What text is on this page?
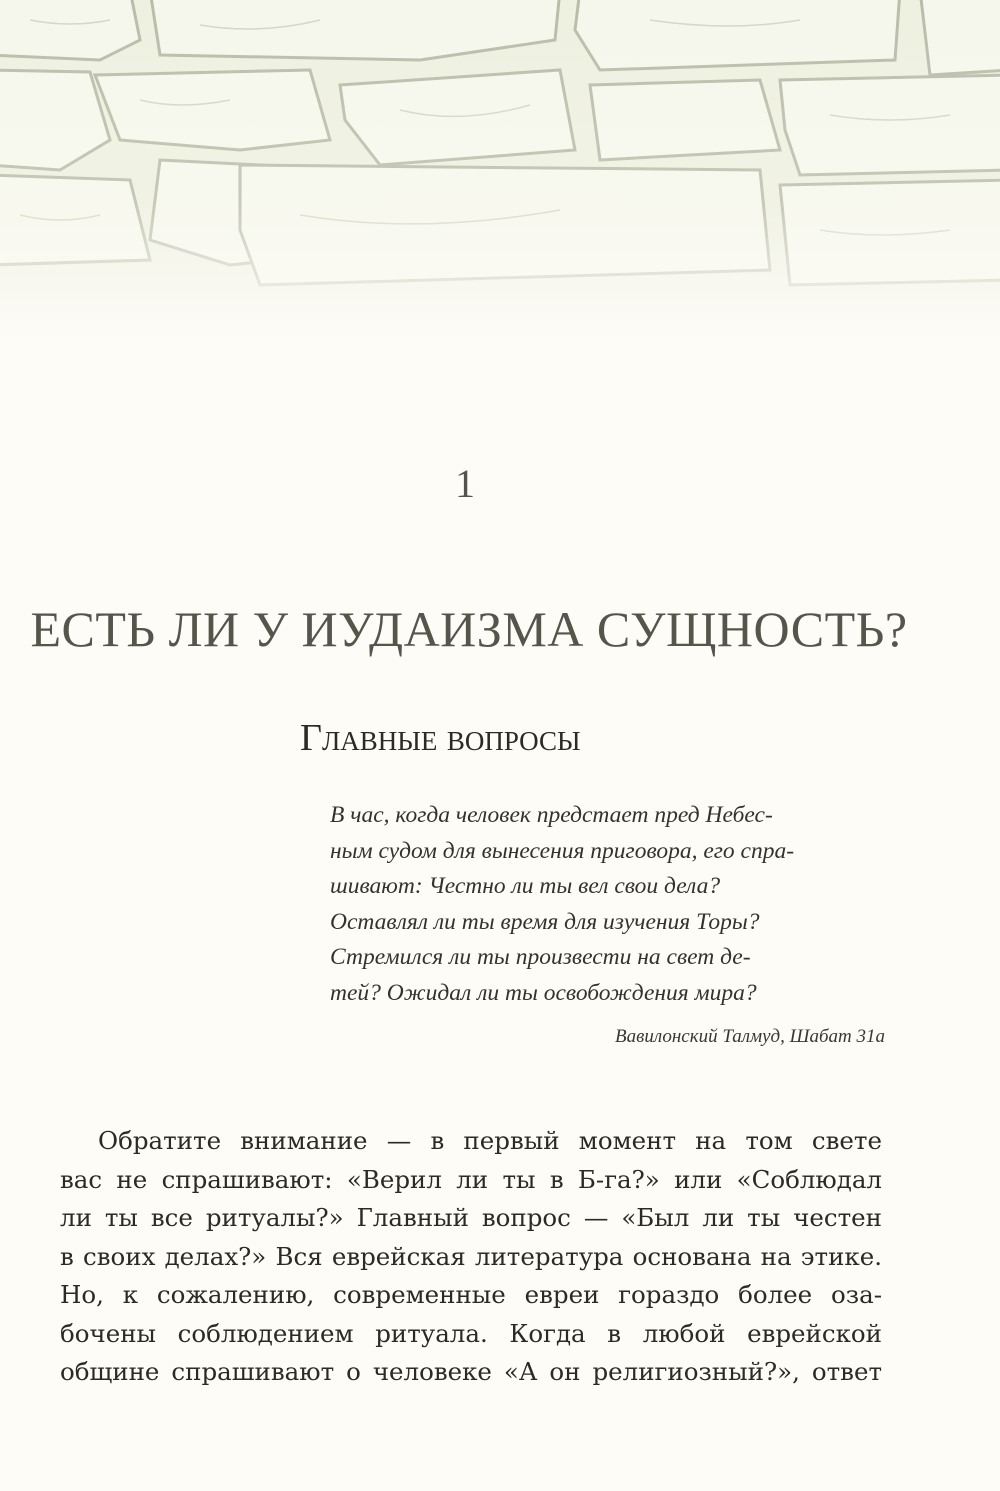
1
ЕСТЬ ЛИ У ИУДАИЗМА СУЩНОСТЬ?
Главные вопросы
В час, когда человек предстает пред Небес-
ным судом для вынесения приговора, его спра-
шивают: Честно ли ты вел свои дела?
Оставлял ли ты время для изучения Торы?
Стремился ли ты произвести на свет де-
тей? Ожидал ли ты освобождения мира?
Вавилонский Талмуд, Шабат 31а
Обратите внимание — в первый момент на том свете
вас не спрашивают: «Верил ли ты в Б-га?» или «Соблюдал
ли ты все ритуалы?» Главный вопрос — «Был ли ты честен
в своих делах?» Вся еврейская литература основана на этике.
Но, к сожалению, современные евреи гораздо более оза-
бочены соблюдением ритуала. Когда в любой еврейской
общине спрашивают о человеке «А он религиозный?», ответ
